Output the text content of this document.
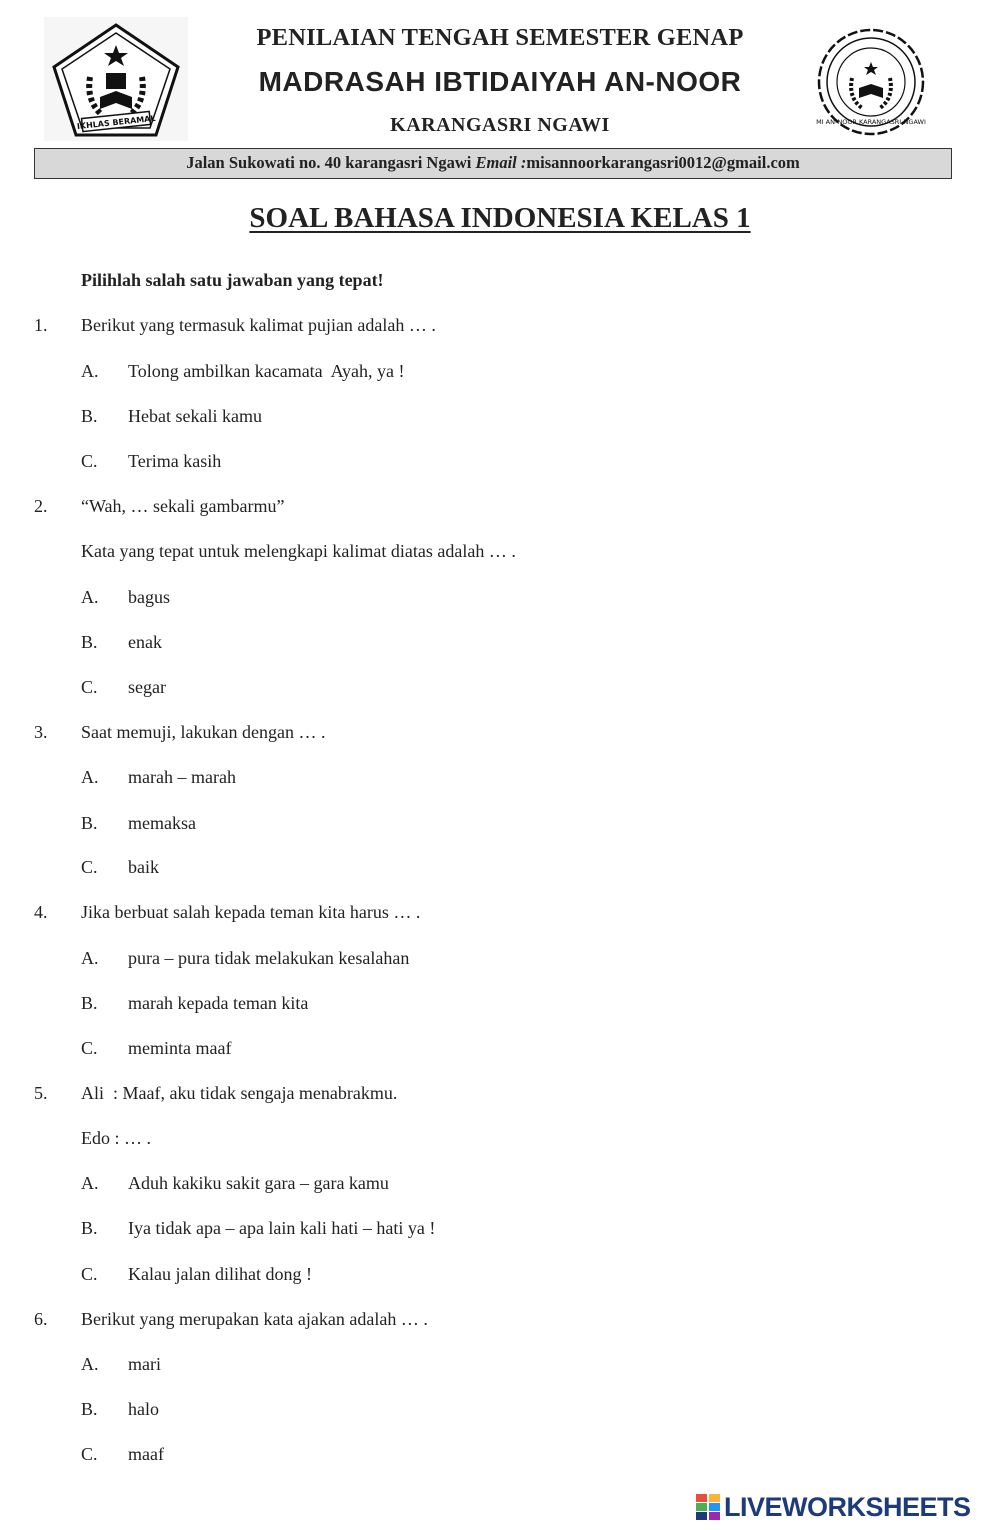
IKHLAS BERAMAL
PENILAIAN TENGAH SEMESTER GENAP
MADRASAH IBTIDAIYAH AN-NOOR
KARANGASRI NGAWI	MI AN-NOOR KARANGASRI-NGAWI
Jalan Sukowati no. 40 karangasri Ngawi Email :misannoorkarangasri0012@gmail.com
SOAL BAHASA INDONESIA KELAS 1
Pilihlah salah satu jawaban yang tepat!
1. Berikut yang termasuk kalimat pujian adalah … .
A. Tolong ambilkan kacamata  Ayah, ya !
B. Hebat sekali kamu
C. Terima kasih
2. “Wah, … sekali gambarmu”
Kata yang tepat untuk melengkapi kalimat diatas adalah … .
A. bagus
B. enak
C. segar
3. Saat memuji, lakukan dengan … .
A. marah – marah
B. memaksa
C. baik
4. Jika berbuat salah kepada teman kita harus … .
A. pura – pura tidak melakukan kesalahan
B. marah kepada teman kita
C. meminta maaf
5. Ali  : Maaf, aku tidak sengaja menabrakmu.
Edo : … .
A. Aduh kakiku sakit gara – gara kamu
B. Iya tidak apa – apa lain kali hati – hati ya !
C. Kalau jalan dilihat dong !
6. Berikut yang merupakan kata ajakan adalah … .
A. mari
B. halo
C. maaf
LIVEWORKSHEETS
